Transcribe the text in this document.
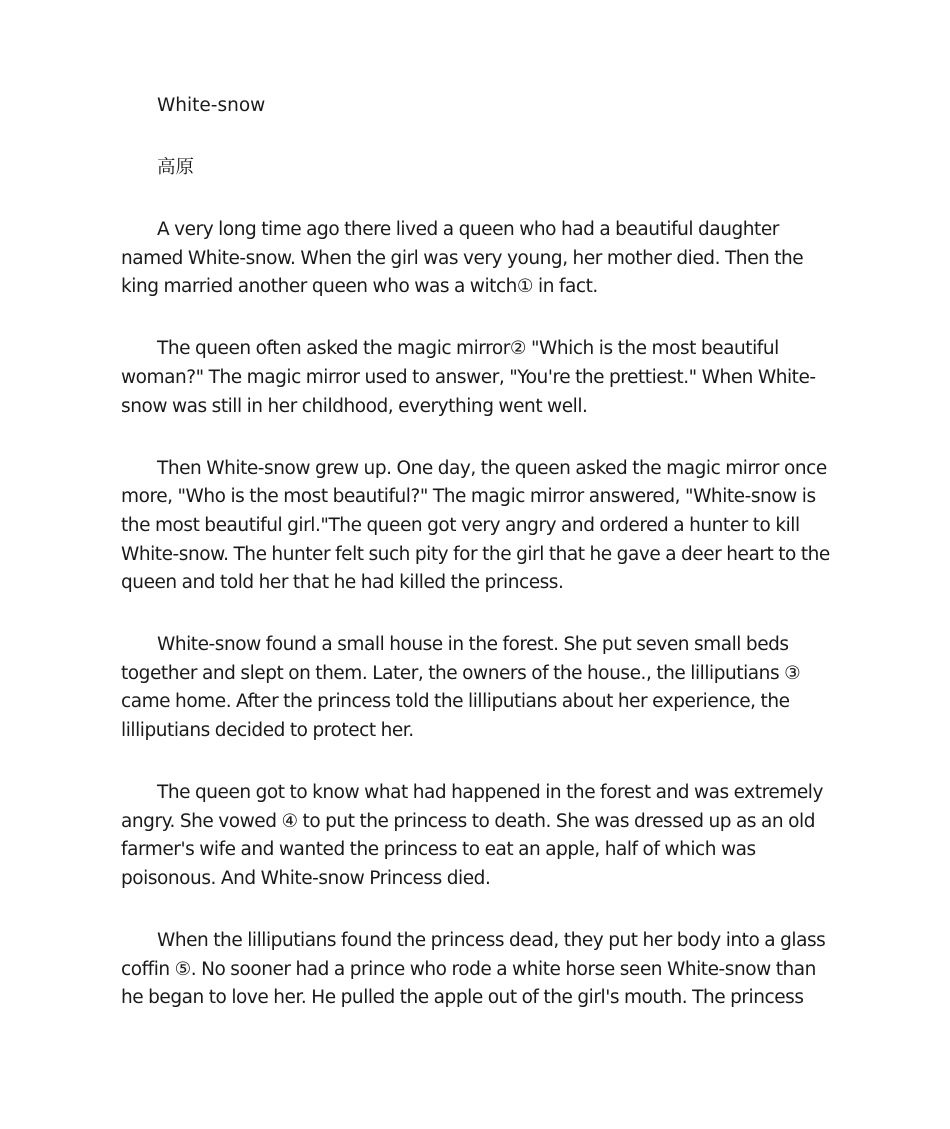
White-snow

高原

A very long time ago there lived a queen who had a beautiful daughter named White-snow. When the girl was very young, her mother died. Then the king married another queen who was a witch① in fact.

The queen often asked the magic mirror② "Which is the most beautiful woman?" The magic mirror used to answer, "You're the prettiest." When White-snow was still in her childhood, everything went well.

Then White-snow grew up. One day, the queen asked the magic mirror once more, "Who is the most beautiful?" The magic mirror answered, "White-snow is the most beautiful girl."The queen got very angry and ordered a hunter to kill White-snow. The hunter felt such pity for the girl that he gave a deer heart to the queen and told her that he had killed the princess.

White-snow found a small house in the forest. She put seven small beds together and slept on them. Later, the owners of the house., the lilliputians ③ came home. After the princess told the lilliputians about her experience, the lilliputians decided to protect her.

The queen got to know what had happened in the forest and was extremely angry. She vowed ④ to put the princess to death. She was dressed up as an old farmer's wife and wanted the princess to eat an apple, half of which was poisonous. And White-snow Princess died.

When the lilliputians found the princess dead, they put her body into a glass coffin ⑤. No sooner had a prince who rode a white horse seen White-snow than he began to love her. He pulled the apple out of the girl's mouth. The princess
